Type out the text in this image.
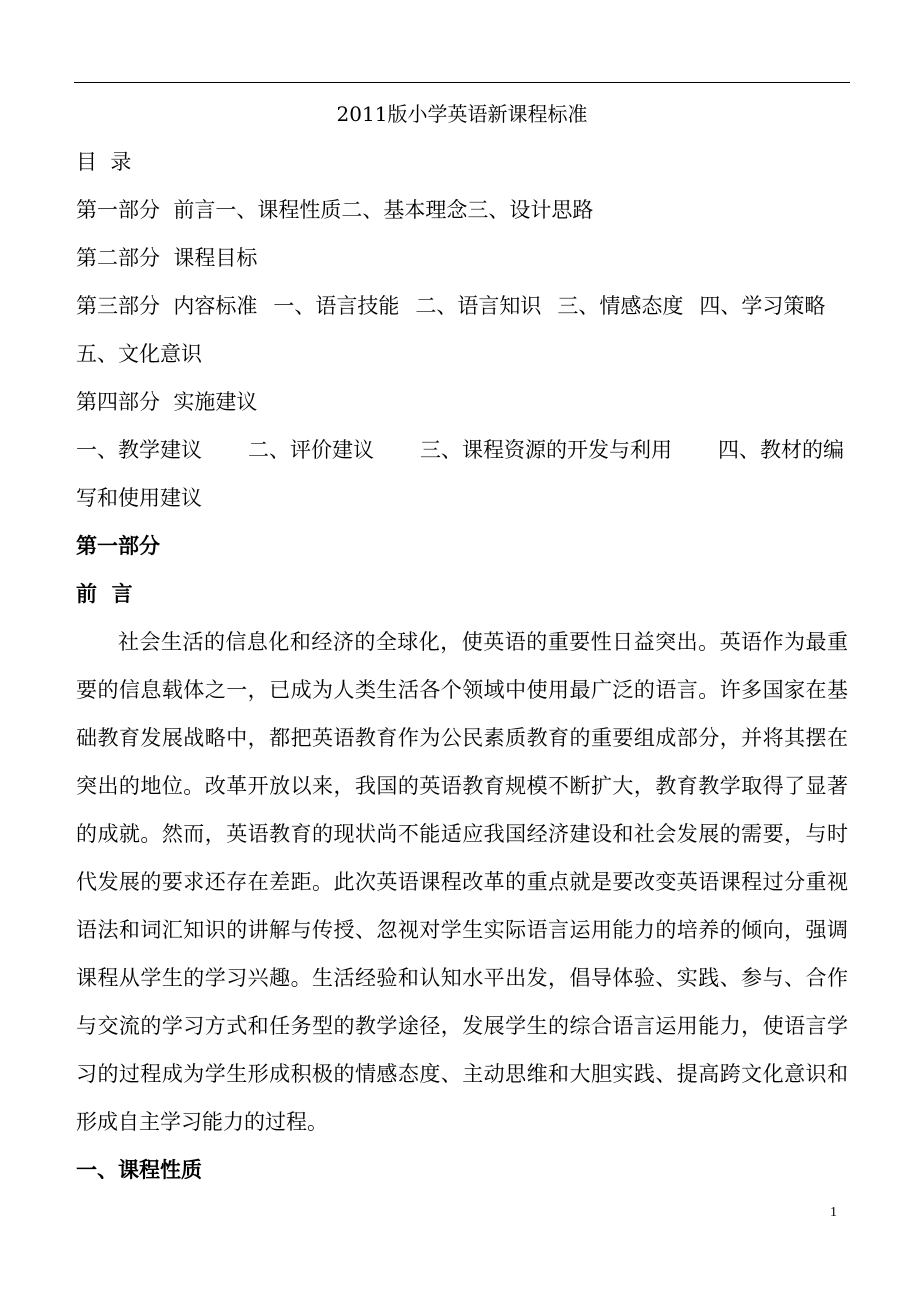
2011版小学英语新课程标准

目  录

第一部分  前言一、课程性质二、基本理念三、设计思路

第二部分  课程目标

第三部分  内容标准 一、语言技能 二、语言知识 三、情感态度 四、学习策略五、文化意识

第四部分  实施建议

一、教学建议 二、评价建议 三、课程资源的开发与利用 四、教材的编写和使用建议

第一部分

前  言

社会生活的信息化和经济的全球化，使英语的重要性日益突出。英语作为最重要的信息载体之一，已成为人类生活各个领域中使用最广泛的语言。许多国家在基础教育发展战略中，都把英语教育作为公民素质教育的重要组成部分，并将其摆在突出的地位。改革开放以来，我国的英语教育规模不断扩大，教育教学取得了显著的成就。然而，英语教育的现状尚不能适应我国经济建设和社会发展的需要，与时代发展的要求还存在差距。此次英语课程改革的重点就是要改变英语课程过分重视语法和词汇知识的讲解与传授、忽视对学生实际语言运用能力的培养的倾向，强调课程从学生的学习兴趣。生活经验和认知水平出发，倡导体验、实践、参与、合作与交流的学习方式和任务型的教学途径，发展学生的综合语言运用能力，使语言学习的过程成为学生形成积极的情感态度、主动思维和大胆实践、提高跨文化意识和形成自主学习能力的过程。

一、课程性质

1
